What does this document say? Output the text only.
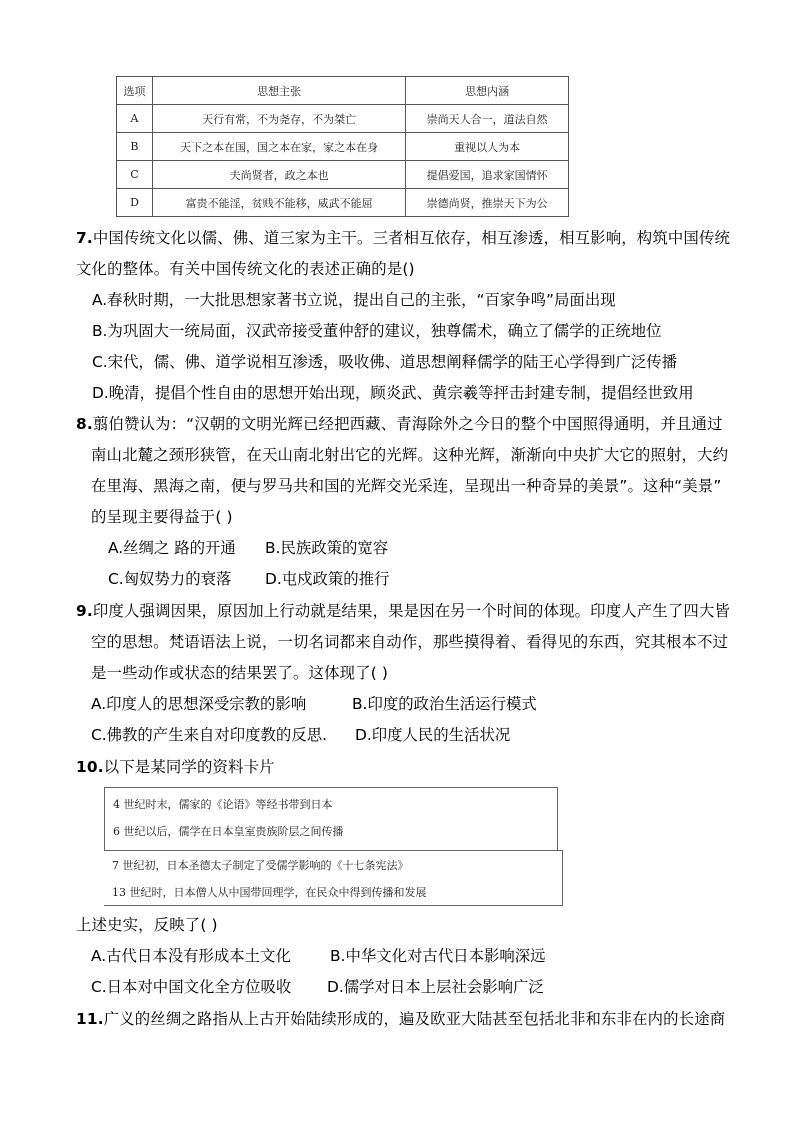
选项	思想主张	思想内涵
A	天行有常，不为尧存，不为桀亡	崇尚天人合一，道法自然
B	天下之本在国，国之本在家，家之本在身	重视以人为本
C	夫尚贤者，政之本也	提倡爱国，追求家国情怀
D	富贵不能淫，贫贱不能移，威武不能屈	崇德尚贤，推崇天下为公
7.中国传统文化以儒、佛、道三家为主干。三者相互依存，相互渗透，相互影响，构筑中国传统
文化的整体。有关中国传统文化的表述正确的是()
A.春秋时期，一大批思想家著书立说，提出自己的主张，“百家争鸣”局面出现
B.为巩固大一统局面，汉武帝接受董仲舒的建议，独尊儒术，确立了儒学的正统地位
C.宋代，儒、佛、道学说相互渗透，吸收佛、道思想阐释儒学的陆王心学得到广泛传播
D.晚清，提倡个性自由的思想开始出现，顾炎武、黄宗羲等抨击封建专制，提倡经世致用
8.翦伯赞认为：“汉朝的文明光辉已经把西藏、青海除外之今日的整个中国照得通明，并且通过
南山北麓之颈形狭管，在天山南北射出它的光辉。这种光辉，渐渐向中央扩大它的照射，大约
在里海、黑海之南，便与罗马共和国的光辉交光采连，呈现出一种奇异的美景”。这种“美景”
的呈现主要得益于( )
A.丝绸之 路的开通 B.民族政策的宽容
C.匈奴势力的衰落 D.屯戍政策的推行
9.印度人强调因果，原因加上行动就是结果，果是因在另一个时间的体现。印度人产生了四大皆
空的思想。梵语语法上说，一切名词都来自动作，那些摸得着、看得见的东西，究其根本不过
是一些动作或状态的结果罢了。这体现了( )
A.印度人的思想深受宗教的影响	B.印度的政治生活运行模式
C.佛教的产生来自对印度教的反思. D.印度人民的生活状况
10.以下是某同学的资料卡片
4 世纪时末，儒家的《论语》等经书带到日本
6 世纪以后，儒学在日本皇室贵族阶层之间传播
7 世纪初，日本圣德太子制定了受儒学影响的《十七条宪法》
13 世纪时，日本僧人从中国带回理学，在民众中得到传播和发展
上述史实，反映了( )
A.古代日本没有形成本土文化	B.中华文化对古代日本影响深远
C.日本对中国文化全方位吸收 D.儒学对日本上层社会影响广泛
11.广义的丝绸之路指从上古开始陆续形成的，遍及欧亚大陆甚至包括北非和东非在内的长途商
